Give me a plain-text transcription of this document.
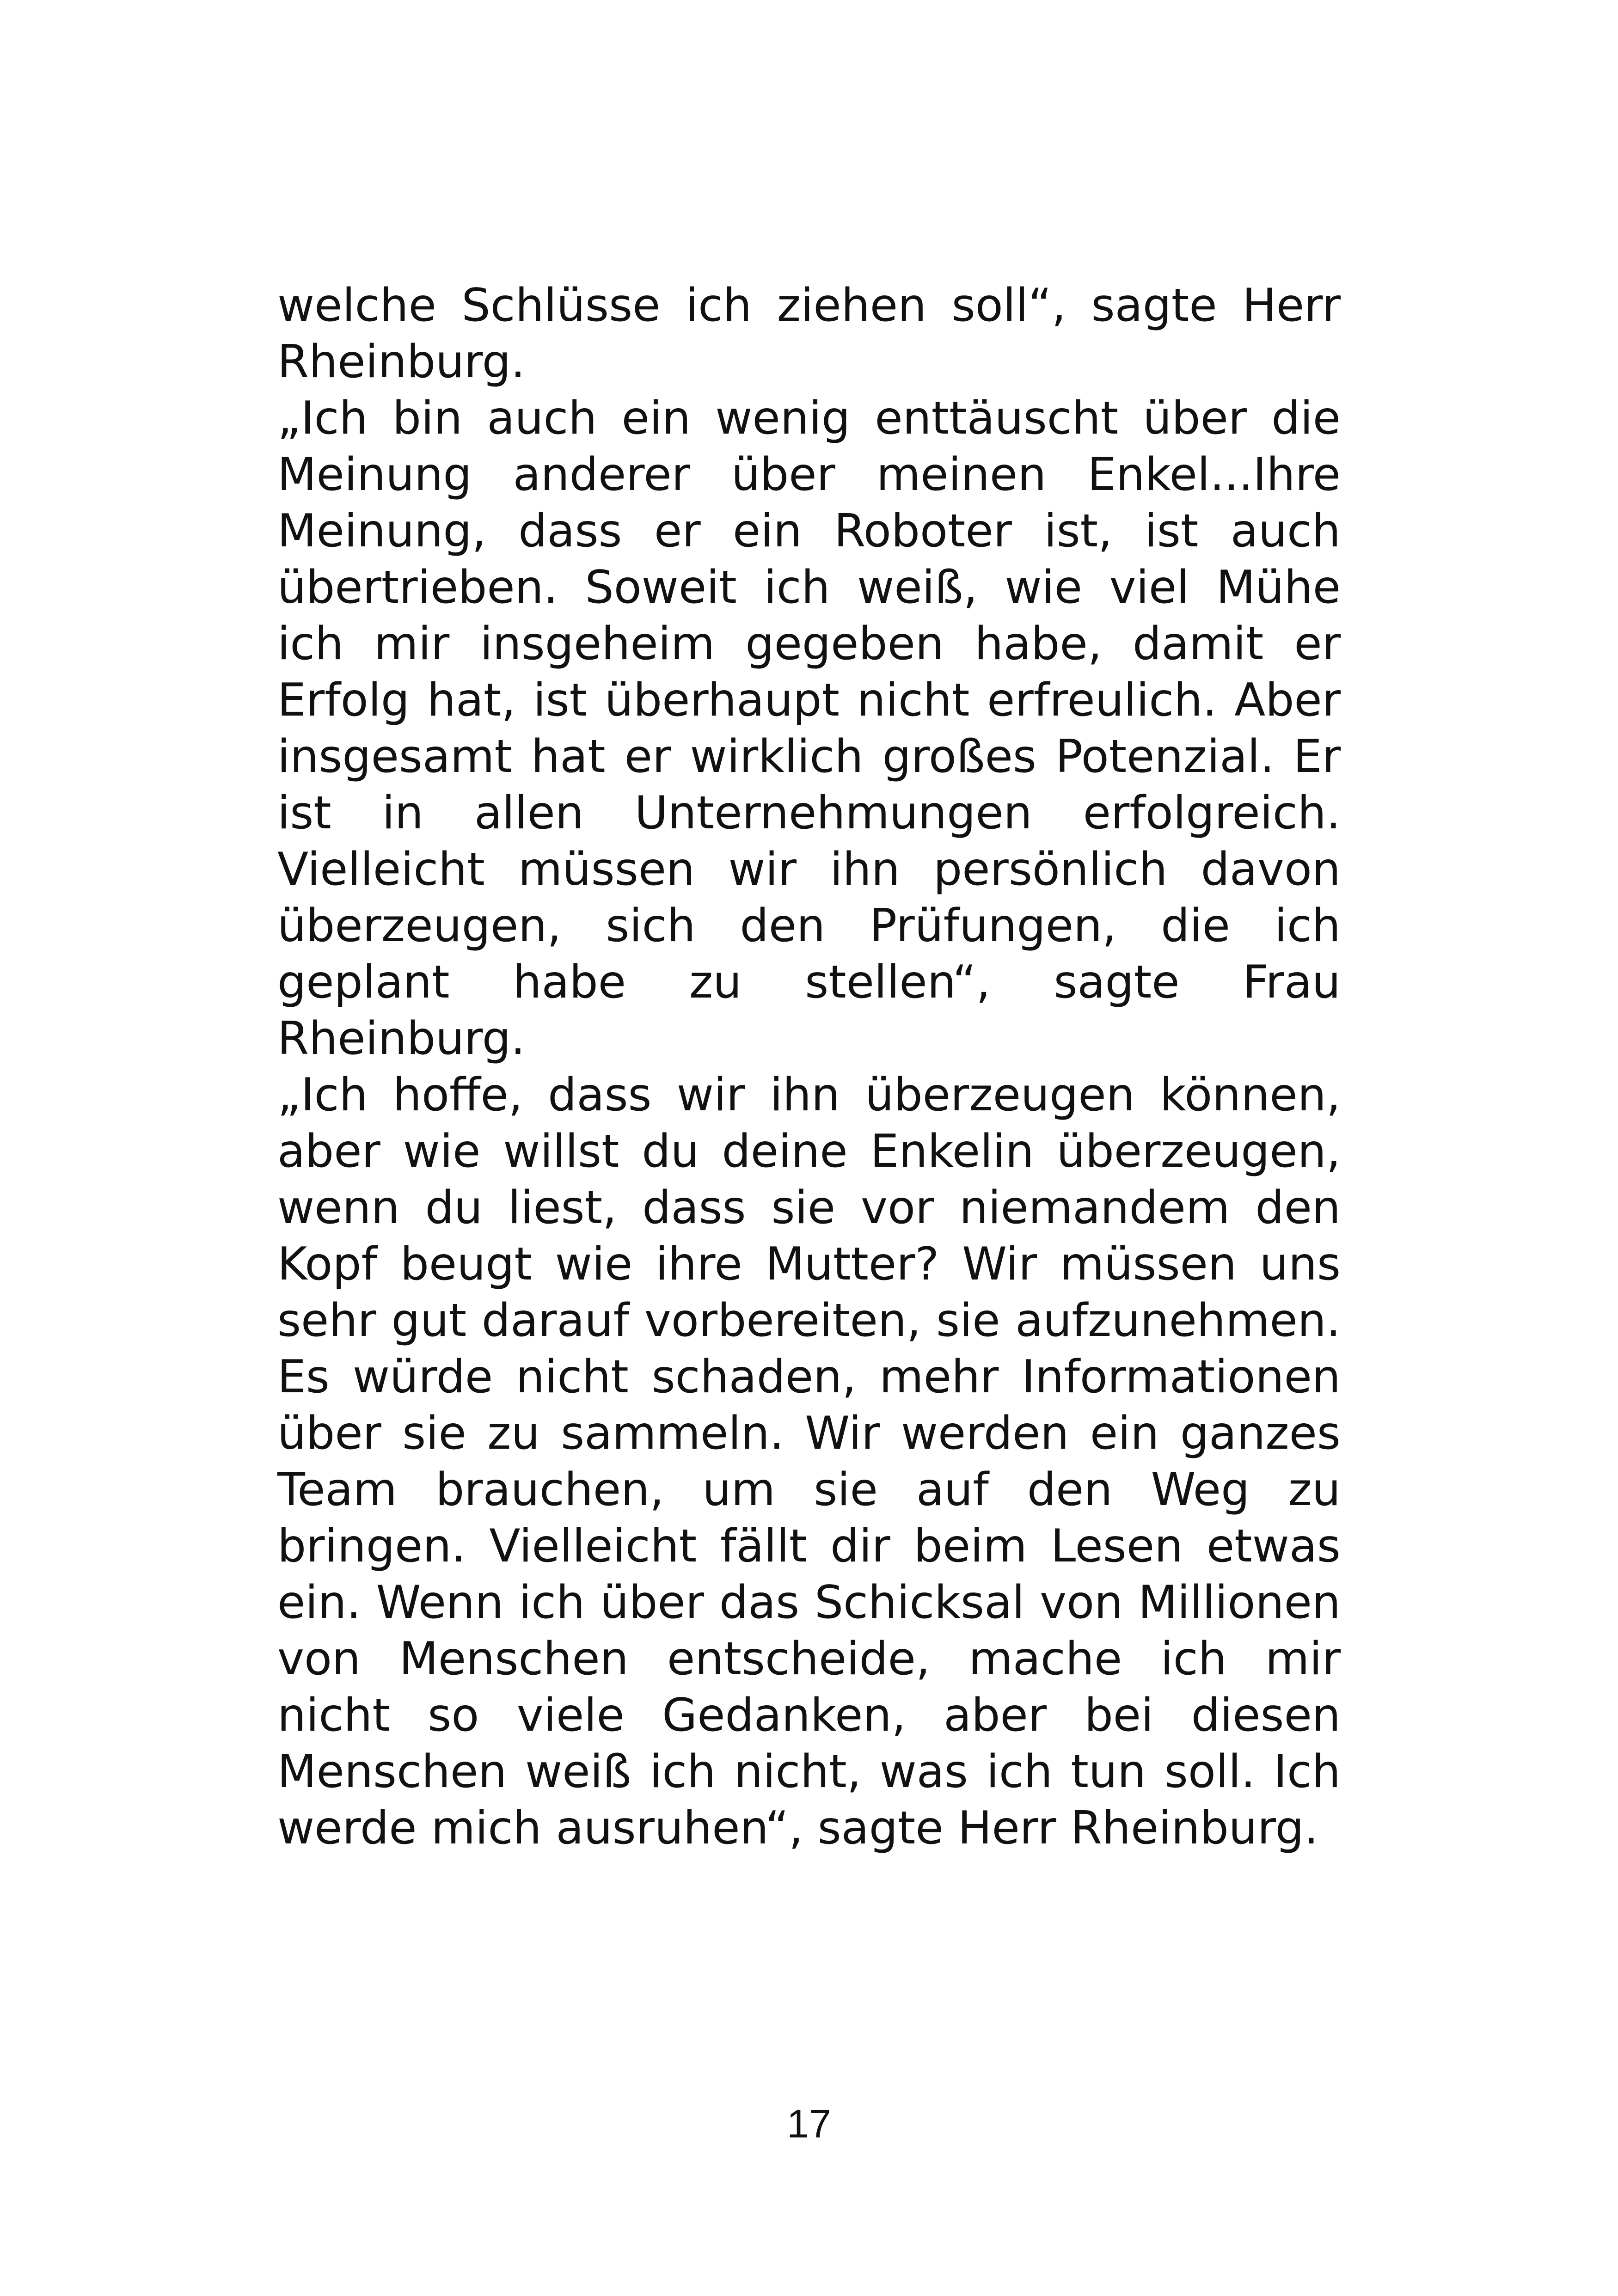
welche Schlüsse ich ziehen soll“, sagte Herr Rheinburg.

„Ich bin auch ein wenig enttäuscht über die Meinung anderer über meinen Enkel...Ihre Meinung, dass er ein Roboter ist, ist auch übertrieben. Soweit ich weiß, wie viel Mühe ich mir insgeheim gegeben habe, damit er Erfolg hat, ist überhaupt nicht erfreulich. Aber insgesamt hat er wirklich großes Potenzial. Er ist in allen Unternehmungen erfolgreich. Vielleicht müssen wir ihn persönlich davon überzeugen, sich den Prüfungen, die ich geplant habe zu stellen“, sagte Frau Rheinburg.

„Ich hoffe, dass wir ihn überzeugen können, aber wie willst du deine Enkelin überzeugen, wenn du liest, dass sie vor niemandem den Kopf beugt wie ihre Mutter? Wir müssen uns sehr gut darauf vorbereiten, sie aufzunehmen. Es würde nicht schaden, mehr Informationen über sie zu sammeln. Wir werden ein ganzes Team brauchen, um sie auf den Weg zu bringen. Vielleicht fällt dir beim Lesen etwas ein. Wenn ich über das Schicksal von Millionen von Menschen entscheide, mache ich mir nicht so viele Gedanken, aber bei diesen Menschen weiß ich nicht, was ich tun soll. Ich werde mich ausruhen“, sagte Herr Rheinburg.

17
